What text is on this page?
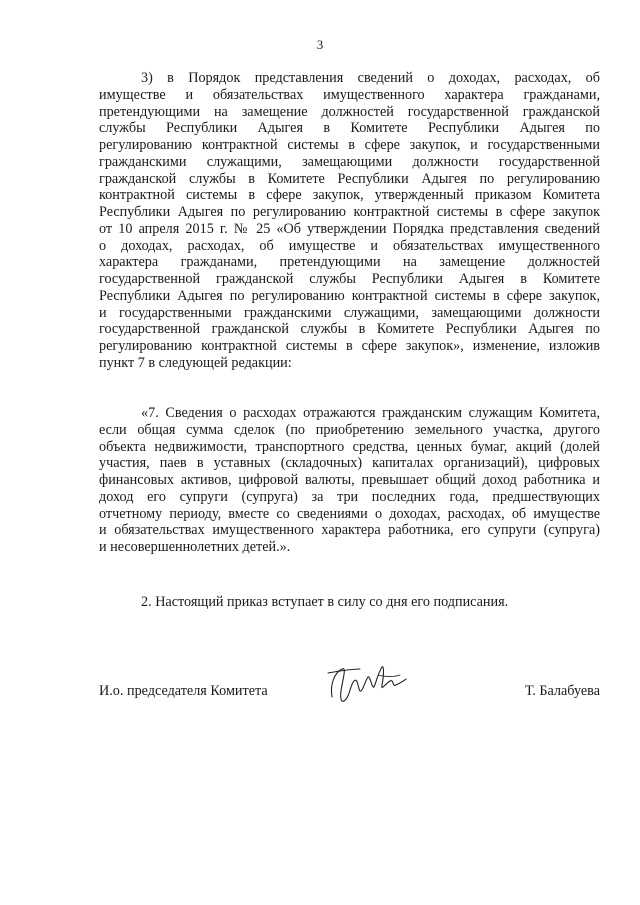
3
3) в Порядок представления сведений о доходах, расходах, об
имуществе и обязательствах имущественного характера гражданами,
претендующими на замещение должностей государственной гражданской
службы Республики Адыгея в Комитете Республики Адыгея по
регулированию контрактной системы в сфере закупок, и государственными
гражданскими служащими, замещающими должности государственной
гражданской службы в Комитете Республики Адыгея по регулированию
контрактной системы в сфере закупок, утвержденный приказом Комитета
Республики Адыгея по регулированию контрактной системы в сфере закупок
от 10 апреля 2015 г. № 25 «Об утверждении Порядка представления сведений
о доходах, расходах, об имуществе и обязательствах имущественного
характера гражданами, претендующими на замещение должностей
государственной гражданской службы Республики Адыгея в Комитете
Республики Адыгея по регулированию контрактной системы в сфере закупок,
и государственными гражданскими служащими, замещающими должности
государственной гражданской службы в Комитете Республики Адыгея по
регулированию контрактной системы в сфере закупок», изменение, изложив
пункт 7 в следующей редакции:
«7. Сведения о расходах отражаются гражданским служащим Комитета,
если общая сумма сделок (по приобретению земельного участка, другого
объекта недвижимости, транспортного средства, ценных бумаг, акций (долей
участия, паев в уставных (складочных) капиталах организаций), цифровых
финансовых активов, цифровой валюты, превышает общий доход работника и
доход его супруги (супруга) за три последних года, предшествующих
отчетному периоду, вместе со сведениями о доходах, расходах, об имуществе
и обязательствах имущественного характера работника, его супруги (супруга)
и несовершеннолетних детей.».
2. Настоящий приказ вступает в силу со дня его подписания.
И.о. председателя Комитета	Т. Балабуева
